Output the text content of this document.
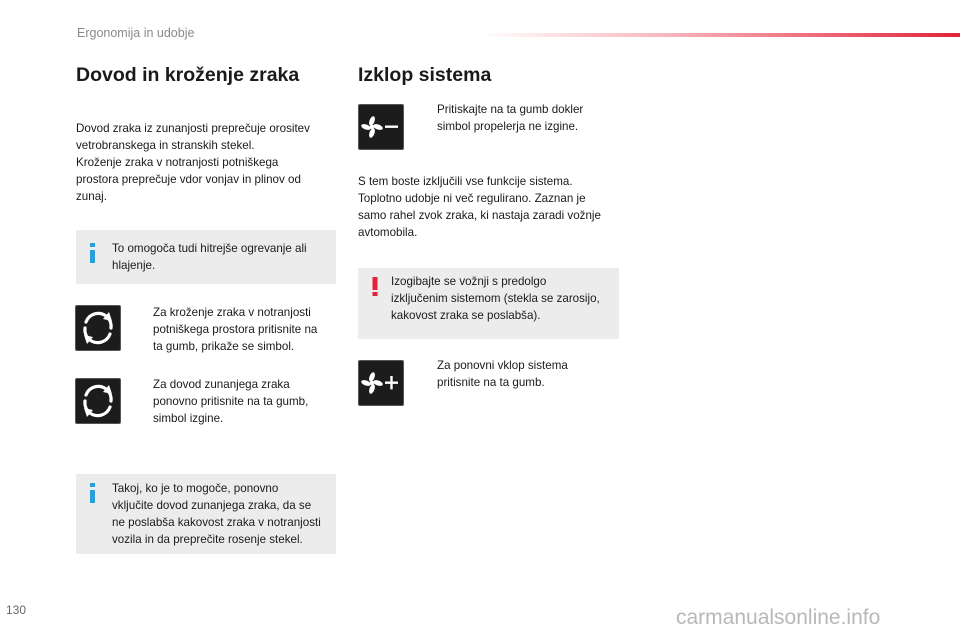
Ergonomija in udobje
Dovod in kroženje zraka

Dovod zraka iz zunanjosti preprečuje orositev
vetrobranskega in stranskih stekel.
Kroženje zraka v notranjosti potniškega
prostora preprečuje vdor vonjav in plinov od
zunaj.

To omogoča tudi hitrejše ogrevanje ali
hlajenje.
Za kroženje zraka v notranjosti
potniškega prostora pritisnite na
ta gumb, prikaže se simbol.
Za dovod zunanjega zraka
ponovno pritisnite na ta gumb,
simbol izgine.
Takoj, ko je to mogoče, ponovno
vključite dovod zunanjega zraka, da se
ne poslabša kakovost zraka v notranjosti
vozila in da preprečite rosenje stekel.
Izklop sistema
Pritiskajte na ta gumb dokler
simbol propelerja ne izgine.

S tem boste izključili vse funkcije sistema.
Toplotno udobje ni več regulirano. Zaznan je
samo rahel zvok zraka, ki nastaja zaradi vožnje
avtomobila.

Izogibajte se vožnji s predolgo
izključenim sistemom (stekla se zarosijo,
kakovost zraka se poslabša).
Za ponovni vklop sistema
pritisnite na ta gumb.
130	carmanualsonline.info
